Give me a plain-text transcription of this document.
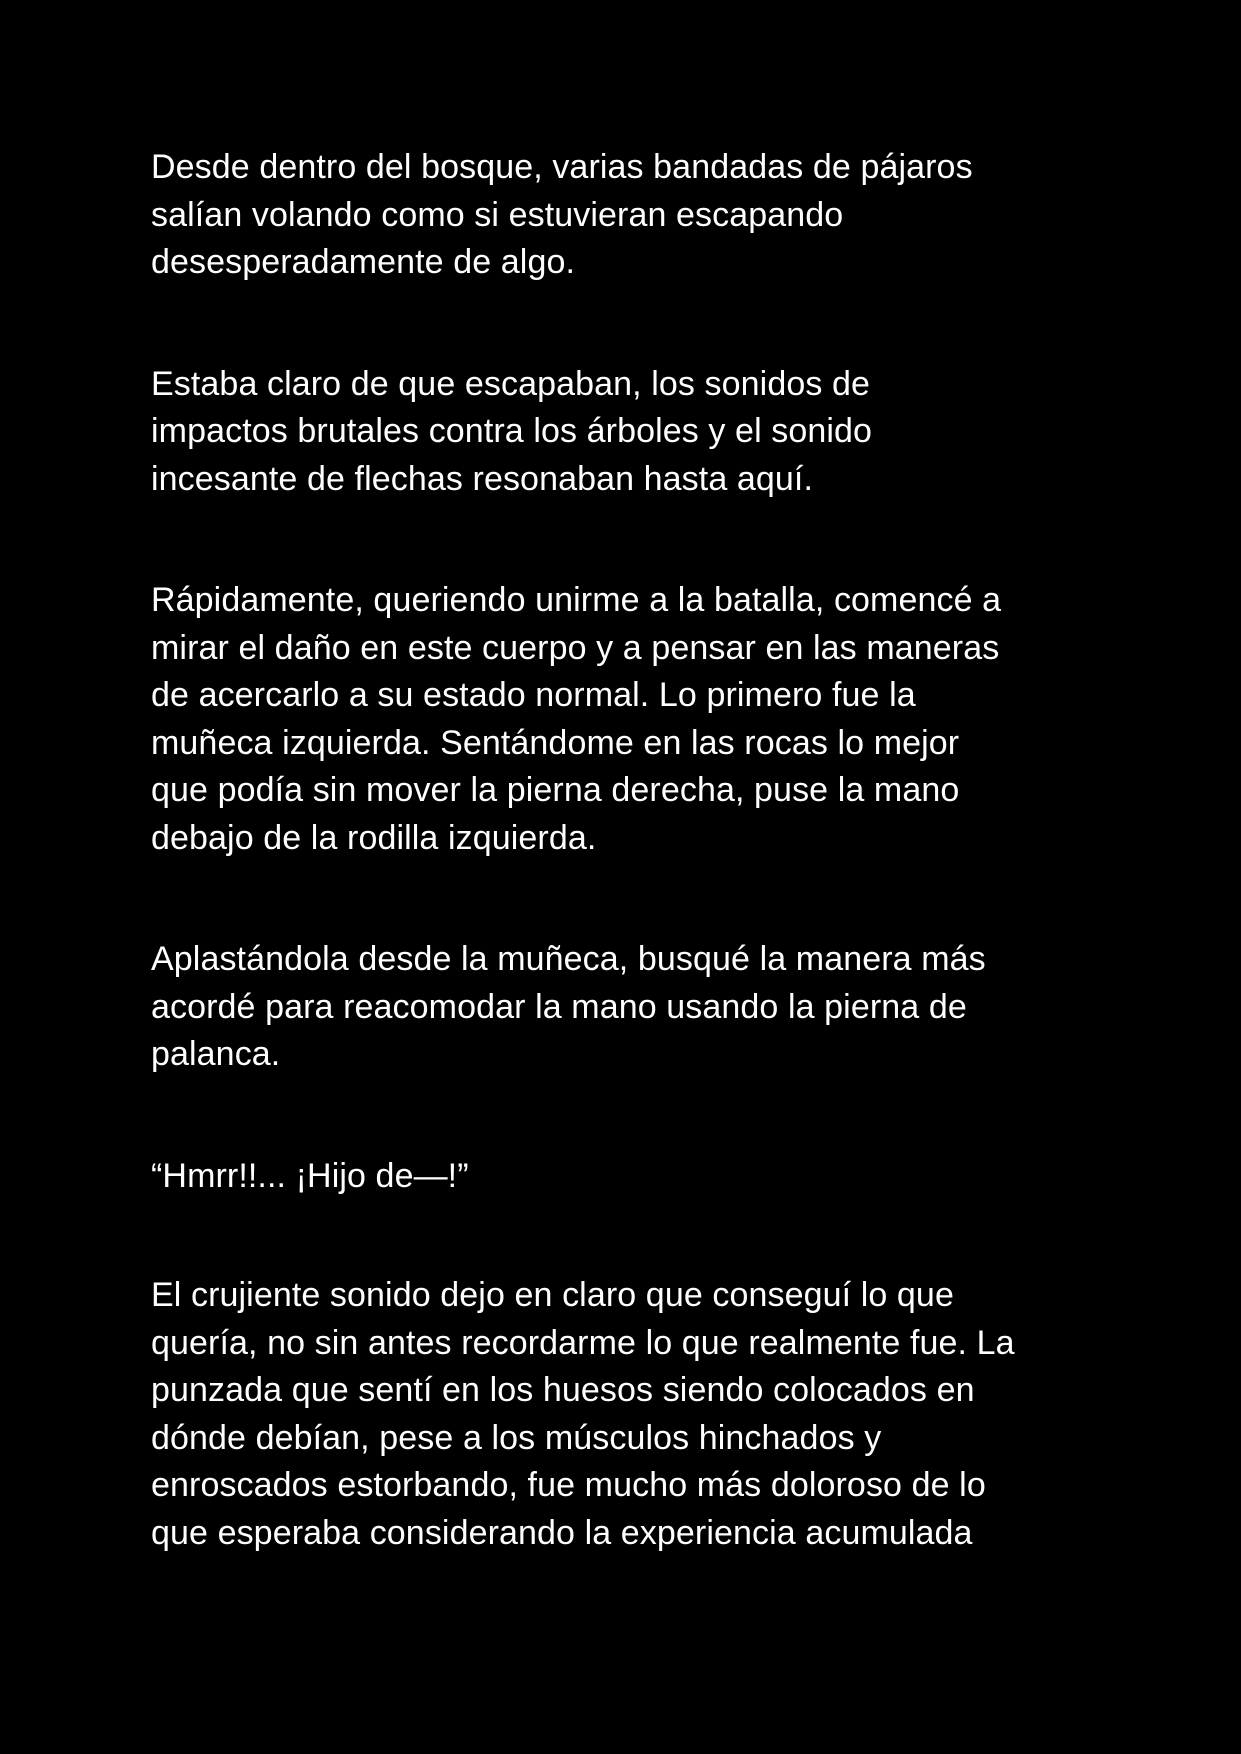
Desde dentro del bosque, varias bandadas de pájaros
salían volando como si estuvieran escapando
desesperadamente de algo.

Estaba claro de que escapaban, los sonidos de
impactos brutales contra los árboles y el sonido
incesante de flechas resonaban hasta aquí.

Rápidamente, queriendo unirme a la batalla, comencé a
mirar el daño en este cuerpo y a pensar en las maneras
de acercarlo a su estado normal. Lo primero fue la
muñeca izquierda. Sentándome en las rocas lo mejor
que podía sin mover la pierna derecha, puse la mano
debajo de la rodilla izquierda.

Aplastándola desde la muñeca, busqué la manera más
acordé para reacomodar la mano usando la pierna de
palanca.

“Hmrr!!... ¡Hijo de—!”

El crujiente sonido dejo en claro que conseguí lo que
quería, no sin antes recordarme lo que realmente fue. La
punzada que sentí en los huesos siendo colocados en
dónde debían, pese a los músculos hinchados y
enroscados estorbando, fue mucho más doloroso de lo
que esperaba considerando la experiencia acumulada
